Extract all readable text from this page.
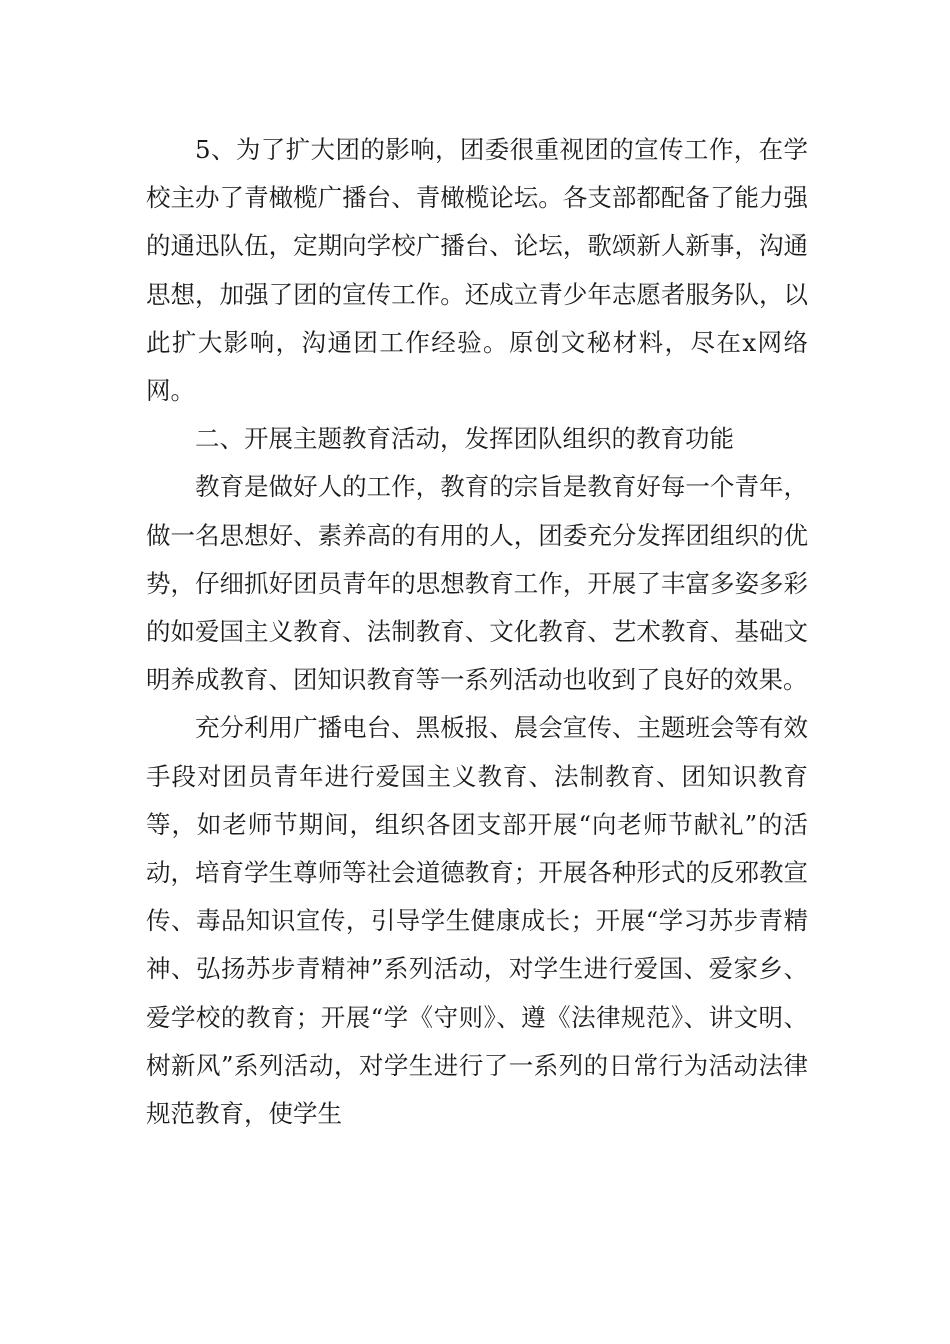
5、为了扩大团的影响，团委很重视团的宣传工作，在学校主办了青橄榄广播台、青橄榄论坛。各支部都配备了能力强的通迅队伍，定期向学校广播台、论坛，歌颂新人新事，沟通思想，加强了团的宣传工作。还成立青少年志愿者服务队，以此扩大影响，沟通团工作经验。原创文秘材料，尽在x网络网。

二、开展主题教育活动，发挥团队组织的教育功能

教育是做好人的工作，教育的宗旨是教育好每一个青年，做一名思想好、素养高的有用的人，团委充分发挥团组织的优势，仔细抓好团员青年的思想教育工作，开展了丰富多姿多彩的如爱国主义教育、法制教育、文化教育、艺术教育、基础文明养成教育、团知识教育等一系列活动也收到了良好的效果。

充分利用广播电台、黑板报、晨会宣传、主题班会等有效手段对团员青年进行爱国主义教育、法制教育、团知识教育等，如老师节期间，组织各团支部开展“向老师节献礼”的活动，培育学生尊师等社会道德教育；开展各种形式的反邪教宣传、毒品知识宣传，引导学生健康成长；开展“学习苏步青精神、弘扬苏步青精神”系列活动，对学生进行爱国、爱家乡、爱学校的教育；开展“学《守则》、遵《法律规范》、讲文明、树新风”系列活动，对学生进行了一系列的日常行为活动法律规范教育，使学生
